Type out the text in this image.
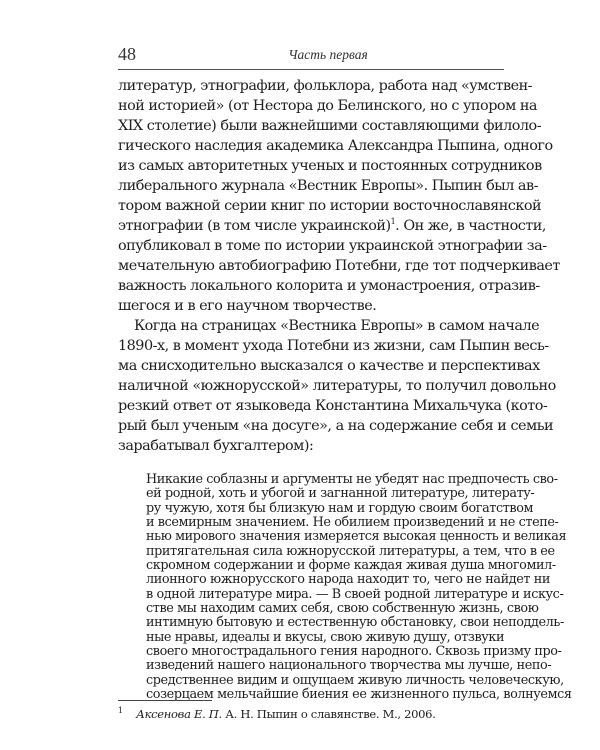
48	Часть первая
литератур, этнографии, фольклора, работа над «умствен-
ной историей» (от Нестора до Белинского, но с упором на
XIX столетие) были важнейшими составляющими филоло-
гического наследия академика Александра Пыпина, одного
из самых авторитетных ученых и постоянных сотрудников
либерального журнала «Вестник Европы». Пыпин был ав-
тором важной серии книг по истории восточнославянской
этнографии (в том числе украинской)$^1$. Он же, в частности,
опубликовал в томе по истории украинской этнографии за-
мечательную автобиографию Потебни, где тот подчеркивает
важность локального колорита и умонастроения, отразив-
шегося и в его научном творчестве.
Когда на страницах «Вестника Европы» в самом начале
1890-х, в момент ухода Потебни из жизни, сам Пыпин весь-
ма снисходительно высказался о качестве и перспективах
наличной «южнорусской» литературы, то получил довольно
резкий ответ от языковеда Константина Михальчука (кото-
рый был ученым «на досуге», а на содержание себя и семьи
зарабатывал бухгалтером):
Никакие соблазны и аргументы не убедят нас предпочесть сво-
ей родной, хоть и убогой и загнанной литературе, литерату-
ру чужую, хотя бы близкую нам и гордую своим богатством
и всемирным значением. Не обилием произведений и не степе-
нью мирового значения измеряется высокая ценность и великая
притягательная сила южнорусской литературы, а тем, что в ее
скромном содержании и форме каждая живая душа многомил-
лионного южнорусского народа находит то, чего не найдет ни
в одной литературе мира. — В своей родной литературе и искус-
стве мы находим самих себя, свою собственную жизнь, свою
интимную бытовую и естественную обстановку, свои неподдель-
ные нравы, идеалы и вкусы, свою живую душу, отзвуки
своего многострадального гения народного. Сквозь призму про-
изведений нашего национального творчества мы лучше, непо-
средственнее видим и ощущаем живую личность человеческую,
созерцаем мельчайшие биения ее жизненного пульса, волнуемся
$^1$ Аксенова Е. П. А. Н. Пыпин о славянстве. М., 2006.
